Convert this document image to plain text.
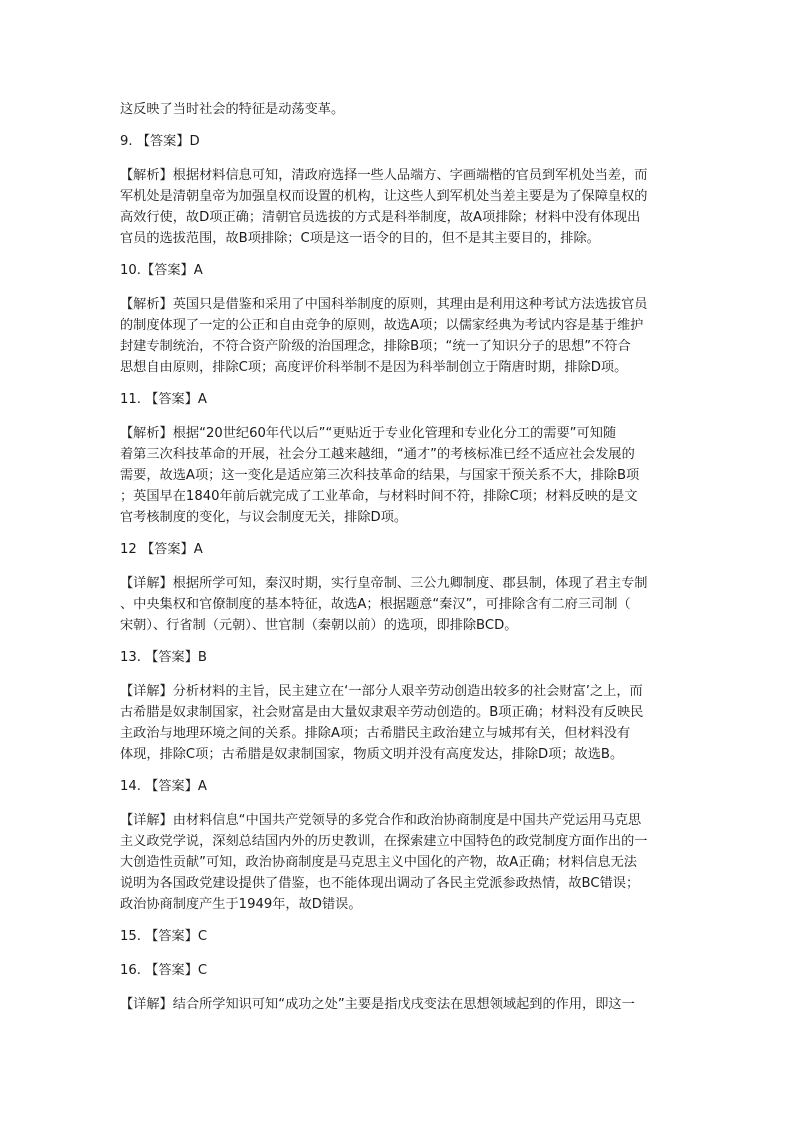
这反映了当时社会的特征是动荡变革。
9. 【答案】D
【解析】根据材料信息可知，清政府选择一些人品端方、字画端楷的官员到军机处当差，而
军机处是清朝皇帝为加强皇权而设置的机构，让这些人到军机处当差主要是为了保障皇权的
高效行使，故D项正确；清朝官员选拔的方式是科举制度，故A项排除；材料中没有体现出
官员的选拔范围，故B项排除；C项是这一语令的目的，但不是其主要目的，排除。
10.【答案】A
【解析】英国只是借鉴和采用了中国科举制度的原则，其理由是利用这种考试方法选拔官员
的制度体现了一定的公正和自由竞争的原则，故选A项；以儒家经典为考试内容是基于维护
封建专制统治，不符合资产阶级的治国理念，排除B项；“统一了知识分子的思想”不符合
思想自由原则，排除C项；高度评价科举制不是因为科举制创立于隋唐时期，排除D项。
11. 【答案】A
【解析】根据“20世纪60年代以后”“更贴近于专业化管理和专业化分工的需要”可知随
着第三次科技革命的开展，社会分工越来越细，“通才”的考核标准已经不适应社会发展的
需要，故选A项；这一变化是适应第三次科技革命的结果，与国家干预关系不大，排除B项
；英国早在1840年前后就完成了工业革命，与材料时间不符，排除C项；材料反映的是文
官考核制度的变化，与议会制度无关，排除D项。
12 【答案】A
【详解】根据所学可知，秦汉时期，实行皇帝制、三公九卿制度、郡县制，体现了君主专制
、中央集权和官僚制度的基本特征，故选A；根据题意“秦汉”，可排除含有二府三司制（
宋朝）、行省制（元朝）、世官制（秦朝以前）的选项，即排除BCD。
13. 【答案】B
【详解】分析材料的主旨，民主建立在‘一部分人艰辛劳动创造出较多的社会财富’之上，而
古希腊是奴隶制国家，社会财富是由大量奴隶艰辛劳动创造的。B项正确；材料没有反映民
主政治与地理环境之间的关系。排除A项；古希腊民主政治建立与城邦有关，但材料没有
体现，排除C项；古希腊是奴隶制国家，物质文明并没有高度发达，排除D项；故选B。
14. 【答案】A
【详解】由材料信息“中国共产党领导的多党合作和政治协商制度是中国共产党运用马克思
主义政党学说，深刻总结国内外的历史教训，在探索建立中国特色的政党制度方面作出的一
大创造性贡献”可知，政治协商制度是马克思主义中国化的产物，故A正确；材料信息无法
说明为各国政党建设提供了借鉴，也不能体现出调动了各民主党派参政热情，故BC错误；
政治协商制度产生于1949年，故D错误。
15. 【答案】C
16. 【答案】C
【详解】结合所学知识可知“成功之处”主要是指戊戌变法在思想领域起到的作用，即这一
